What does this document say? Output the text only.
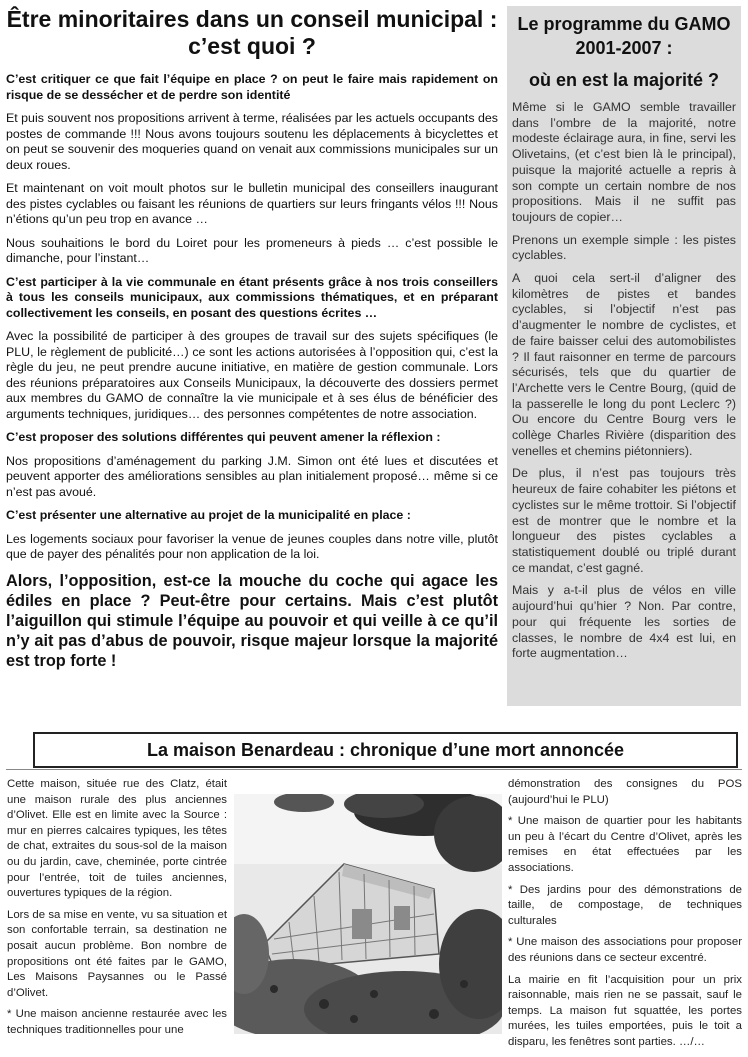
Être minoritaires dans un conseil municipal : c’est quoi ?

C’est critiquer ce que fait l’équipe en place ? on peut le faire mais rapidement on risque de se dessécher et de perdre son identité

Et puis souvent nos propositions arrivent à terme, réalisées par les actuels occupants des postes de commande !!! Nous avons toujours soutenu les déplacements à bicyclettes et on peut se souvenir des moqueries quand on venait aux commissions municipales sur un deux roues.

Et maintenant on voit moult photos sur le bulletin municipal des conseillers inaugurant des pistes cyclables ou faisant les réunions de quartiers sur leurs fringants vélos !!! Nous n’étions qu’un peu trop en avance …

Nous souhaitions le bord du Loiret pour les promeneurs à pieds … c’est possible le dimanche, pour l’instant…

C’est participer à la vie communale en étant présents grâce à nos trois conseillers à tous les conseils municipaux, aux commissions thématiques, et en préparant collectivement les conseils, en posant des questions écrites …

Avec la possibilité de participer à des groupes de travail sur des sujets spécifiques (le PLU, le règlement de publicité…) ce sont les actions autorisées à l’opposition qui, c’est la règle du jeu, ne peut prendre aucune initiative, en matière de gestion communale. Lors des réunions préparatoires aux Conseils Municipaux, la découverte des dossiers permet aux membres du GAMO de connaître la vie municipale et à ses élus de bénéficier des arguments techniques, juridiques… des personnes compétentes de notre association.

C’est proposer des solutions différentes qui peuvent amener la réflexion :

Nos propositions d’aménagement du parking J.M. Simon ont été lues et discutées et peuvent apporter des améliorations sensibles au plan initialement proposé… même si ce n’est pas avoué.

C’est présenter une alternative au projet de la municipalité en place :

Les logements sociaux pour favoriser la venue de jeunes couples dans notre ville, plutôt que de payer des pénalités pour non application de la loi.

Alors, l’opposition, est-ce la mouche du coche qui agace les édiles en place ? Peut-être pour certains. Mais c’est plutôt l’aiguillon qui stimule l’équipe au pouvoir et qui veille à ce qu’il n’y ait pas d’abus de pouvoir, risque majeur lorsque la majorité est trop forte !

Le programme du GAMO 2001-2007 :

où en est la majorité ?

Même si le GAMO semble travailler dans l’ombre de la majorité, notre modeste éclairage aura, in fine, servi les Olivetains, (et c’est bien là le principal), puisque la majorité actuelle a repris à son compte un certain nombre de nos propositions. Mais il ne suffit pas toujours de copier…

Prenons un exemple simple : les pistes cyclables.

A quoi cela sert-il d’aligner des kilomètres de pistes et bandes cyclables, si l’objectif n’est pas d’augmenter le nombre de cyclistes, et de faire baisser celui des automobilistes ? Il faut raisonner en terme de parcours sécurisés, tels que du quartier de l’Archette vers le Centre Bourg, (quid de la passerelle le long du pont Leclerc ?) Ou encore du Centre Bourg vers le collège Charles Rivière (disparition des venelles et chemins piétonniers).

De plus, il n’est pas toujours très heureux de faire cohabiter les piétons et cyclistes sur le même trottoir. Si l’objectif est de montrer que le nombre et la longueur des pistes cyclables a statistiquement doublé ou triplé durant ce mandat, c’est gagné.

Mais y a-t-il plus de vélos en ville aujourd’hui qu’hier ? Non. Par contre, pour qui fréquente les sorties de classes, le nombre de 4x4 est lui, en forte augmentation…

La maison Benardeau : chronique d’une mort annoncée

Cette maison, située rue des Clatz, était une maison rurale des plus anciennes d’Olivet. Elle est en limite avec la Source : mur en pierres calcaires typiques, les têtes de chat, extraites du sous-sol de la maison ou du jardin, cave, cheminée, porte cintrée pour l’entrée, toit de tuiles anciennes, ouvertures typiques de la région.

Lors de sa mise en vente, vu sa situation et son confortable terrain, sa destination ne posait aucun problème. Bon nombre de propositions ont été faites par le GAMO, Les Maisons Paysannes ou le Passé d’Olivet.

* Une maison ancienne restaurée avec les techniques traditionnelles pour une

démonstration des consignes du POS (aujourd’hui le PLU)

* Une maison de quartier pour les habitants un peu à l’écart du Centre d’Olivet, après les remises en état effectuées par les associations.

* Des jardins pour des démonstrations de taille, de compostage, de techniques culturales

* Une maison des associations pour proposer des réunions dans ce secteur excentré.

La mairie en fit l’acquisition pour un prix raisonnable, mais rien ne se passait, sauf le temps. La maison fut squattée, les portes murées, les tuiles emportées, puis le toit a disparu, les fenêtres sont parties. …/…
